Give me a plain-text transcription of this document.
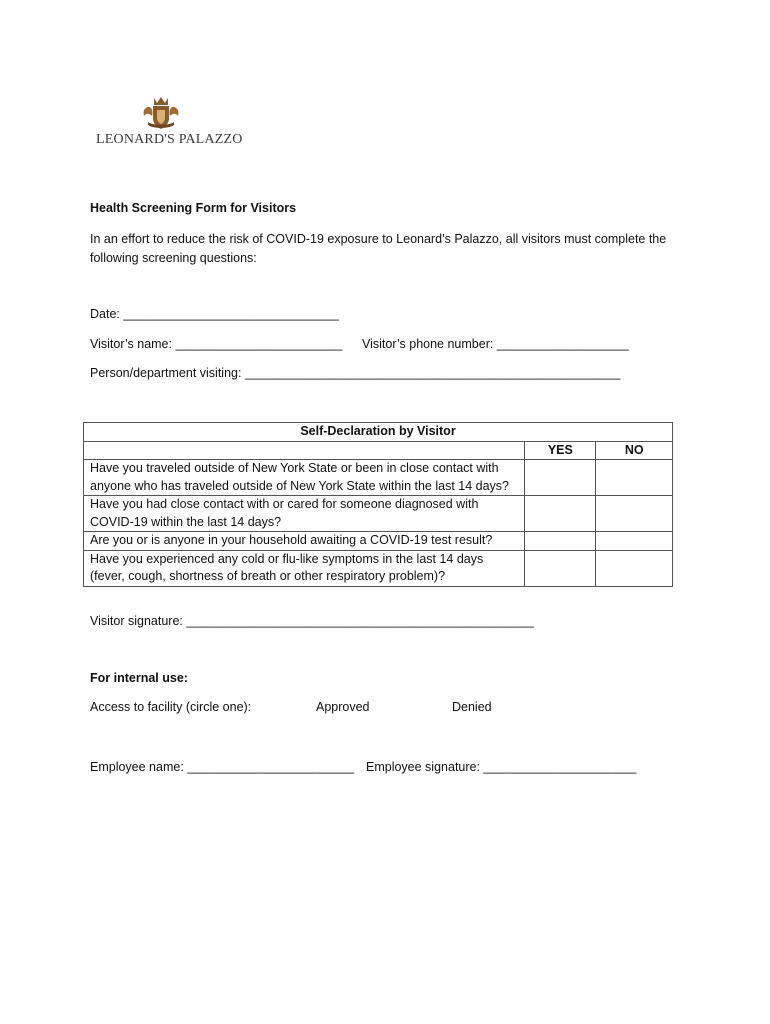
LEONARD'S PALAZZO
Health Screening Form for Visitors
In an effort to reduce the risk of COVID-19 exposure to Leonard’s Palazzo, all visitors must complete the following screening questions:
Date: _______________________________
Visitor’s name: ________________________ Visitor’s phone number: ___________________
Person/department visiting: ______________________________________________________
Self-Declaration by Visitor		
	YES	NO
Have you traveled outside of New York State or been in close contact with anyone who has traveled outside of New York State within the last 14 days?		
Have you had close contact with or cared for someone diagnosed with COVID-19 within the last 14 days?		
Are you or is anyone in your household awaiting a COVID-19 test result?		
Have you experienced any cold or flu-like symptoms in the last 14 days (fever, cough, shortness of breath or other respiratory problem)?		
Visitor signature: __________________________________________________
For internal use:
Access to facility (circle one):	Approved	Denied
Employee name: ________________________ Employee signature: ______________________
